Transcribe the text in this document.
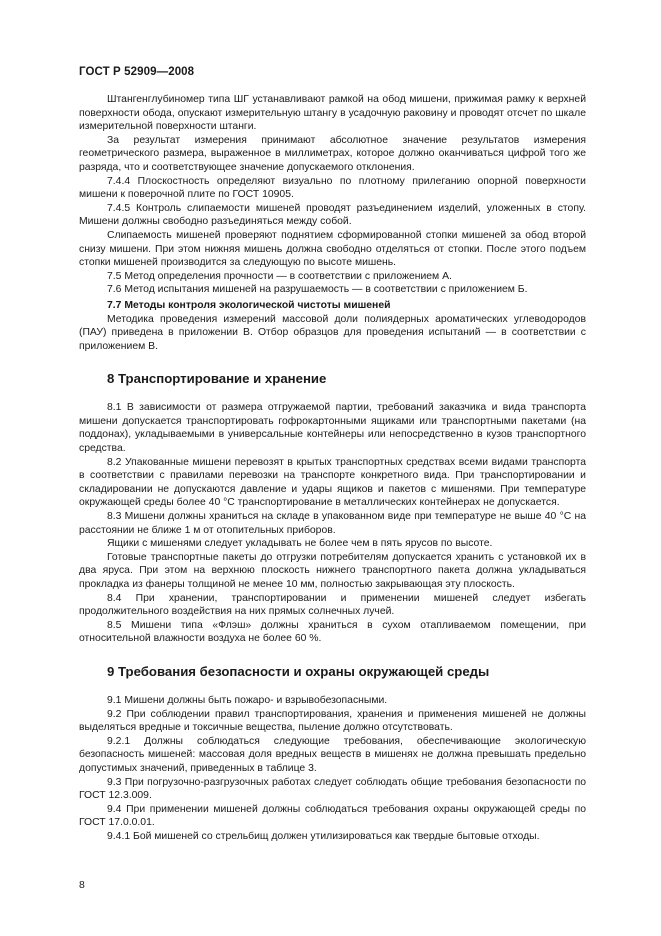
ГОСТ Р 52909—2008

Штангенглубиномер типа ШГ устанавливают рамкой на обод мишени, прижимая рамку к верхней поверхности обода, опускают измерительную штангу в усадочную раковину и проводят отсчет по шкале измерительной поверхности штанги.

За результат измерения принимают абсолютное значение результатов измерения геометрического размера, выраженное в миллиметрах, которое должно оканчиваться цифрой того же разряда, что и соответствующее значение допускаемого отклонения.

7.4.4 Плоскостность определяют визуально по плотному прилеганию опорной поверхности мишени к поверочной плите по ГОСТ 10905.

7.4.5 Контроль слипаемости мишеней проводят разъединением изделий, уложенных в стопу. Мишени должны свободно разъединяться между собой.

Слипаемость мишеней проверяют поднятием сформированной стопки мишеней за обод второй снизу мишени. При этом нижняя мишень должна свободно отделяться от стопки. После этого подъем стопки мишеней производится за следующую по высоте мишень.

7.5 Метод определения прочности — в соответствии с приложением А.

7.6 Метод испытания мишеней на разрушаемость — в соответствии с приложением Б.

7.7 Методы контроля экологической чистоты мишеней

Методика проведения измерений массовой доли полиядерных ароматических углеводородов (ПАУ) приведена в приложении В. Отбор образцов для проведения испытаний — в соответствии с приложением В.

8 Транспортирование и хранение

8.1 В зависимости от размера отгружаемой партии, требований заказчика и вида транспорта мишени допускается транспортировать гофрокартонными ящиками или транспортными пакетами (на поддонах), укладываемыми в универсальные контейнеры или непосредственно в кузов транспортного средства.

8.2 Упакованные мишени перевозят в крытых транспортных средствах всеми видами транспорта в соответствии с правилами перевозки на транспорте конкретного вида. При транспортировании и складировании не допускаются давление и удары ящиков и пакетов с мишенями. При температуре окружающей среды более 40 °С транспортирование в металлических контейнерах не допускается.

8.3 Мишени должны храниться на складе в упакованном виде при температуре не выше 40 °С на расстоянии не ближе 1 м от отопительных приборов.

Ящики с мишенями следует укладывать не более чем в пять ярусов по высоте.

Готовые транспортные пакеты до отгрузки потребителям допускается хранить с установкой их в два яруса. При этом на верхнюю плоскость нижнего транспортного пакета должна укладываться прокладка из фанеры толщиной не менее 10 мм, полностью закрывающая эту плоскость.

8.4 При хранении, транспортировании и применении мишеней следует избегать продолжительного воздействия на них прямых солнечных лучей.

8.5 Мишени типа «Флэш» должны храниться в сухом отапливаемом помещении, при относительной влажности воздуха не более 60 %.

9 Требования безопасности и охраны окружающей среды

9.1 Мишени должны быть пожаро- и взрывобезопасными.

9.2 При соблюдении правил транспортирования, хранения и применения мишеней не должны выделяться вредные и токсичные вещества, пыление должно отсутствовать.

9.2.1 Должны соблюдаться следующие требования, обеспечивающие экологическую безопасность мишеней: массовая доля вредных веществ в мишенях не должна превышать предельно допустимых значений, приведенных в таблице 3.

9.3 При погрузочно-разгрузочных работах следует соблюдать общие требования безопасности по ГОСТ 12.3.009.

9.4 При применении мишеней должны соблюдаться требования охраны окружающей среды по ГОСТ 17.0.0.01.

9.4.1 Бой мишеней со стрельбищ должен утилизироваться как твердые бытовые отходы.

8
